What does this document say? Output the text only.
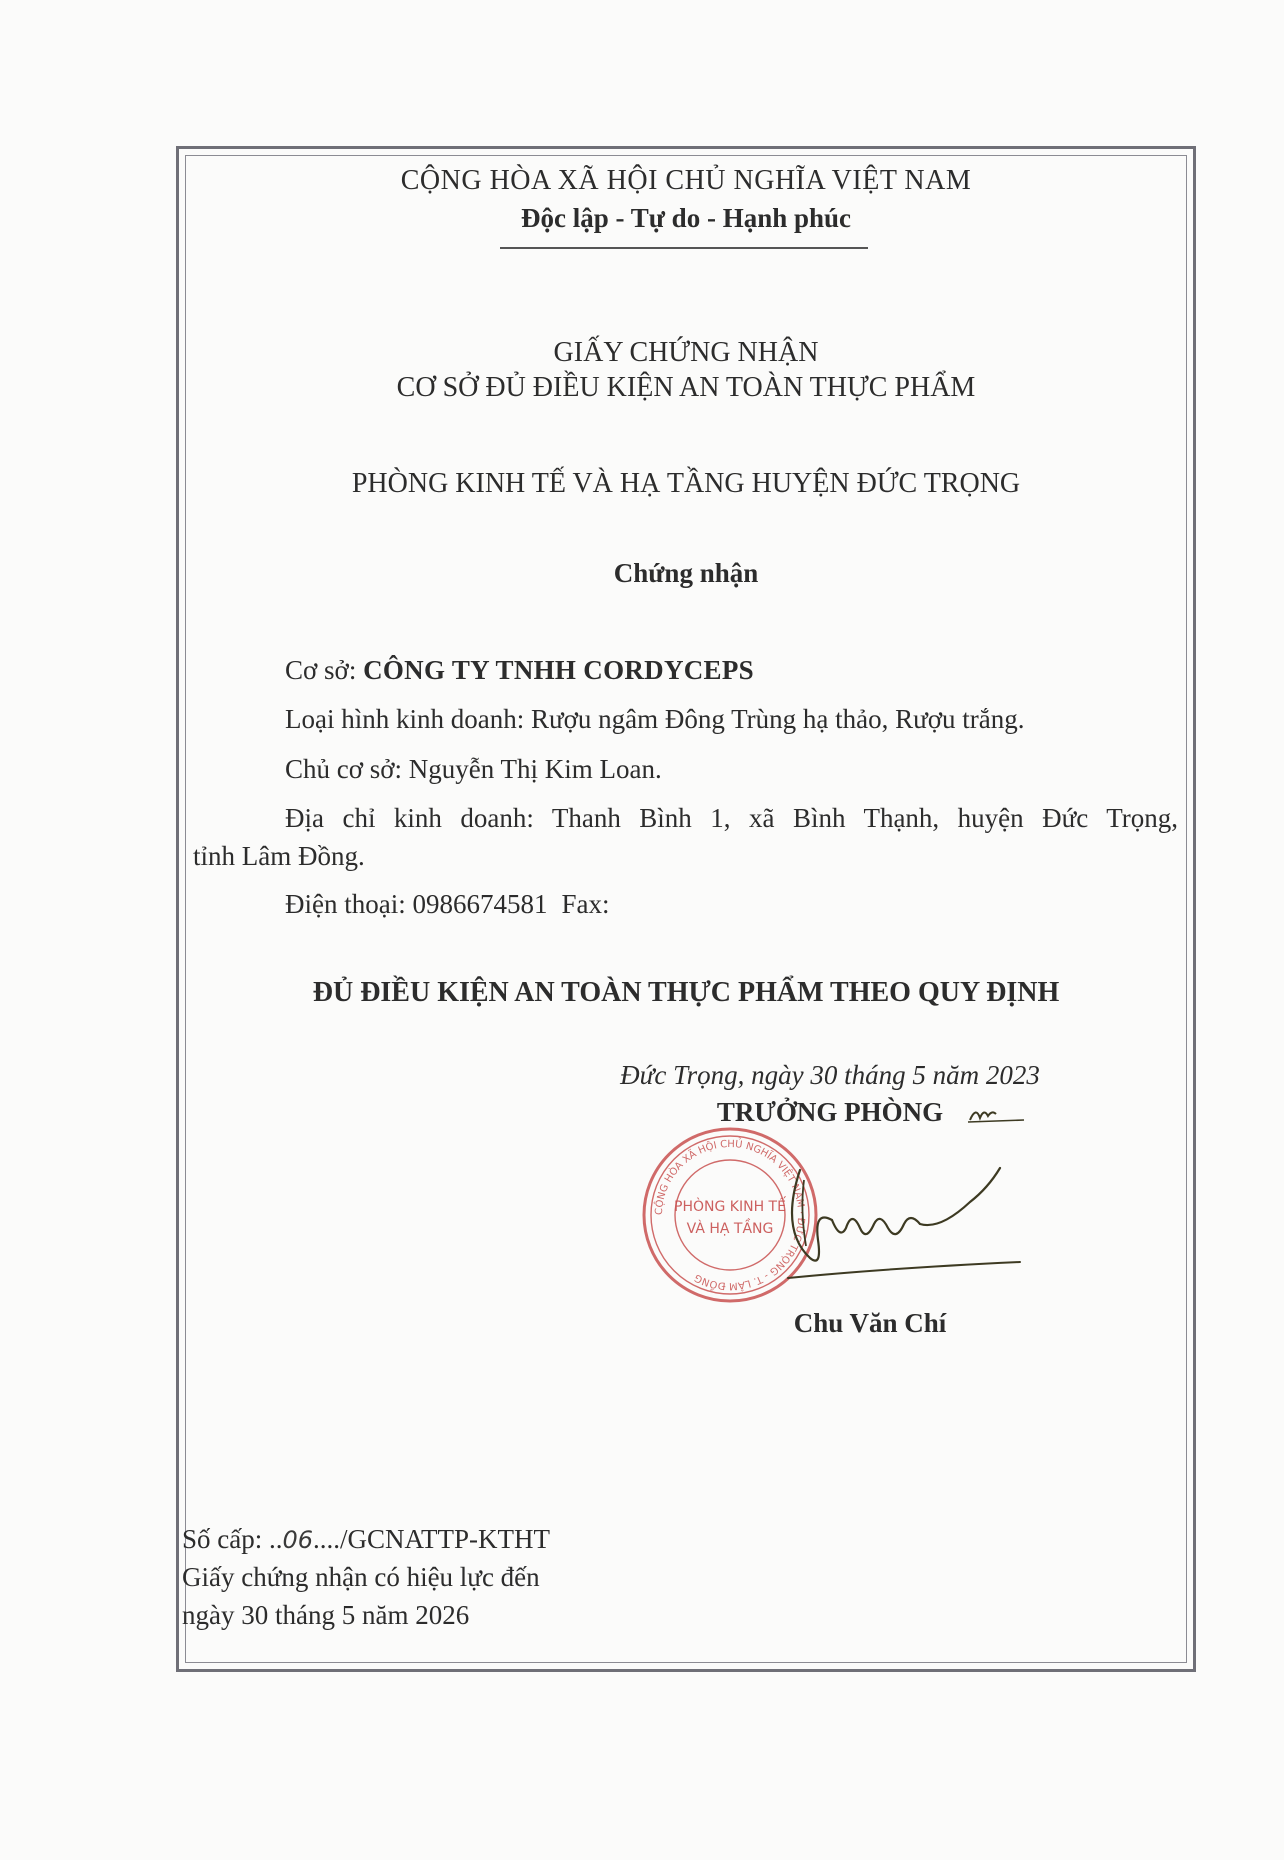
CỘNG HÒA XÃ HỘI CHỦ NGHĨA VIỆT NAM

Độc lập - Tự do - Hạnh phúc

GIẤY CHỨNG NHẬN

CƠ SỞ ĐỦ ĐIỀU KIỆN AN TOÀN THỰC PHẨM

PHÒNG KINH TẾ VÀ HẠ TẦNG HUYỆN ĐỨC TRỌNG

Chứng nhận

Cơ sở: CÔNG TY TNHH CORDYCEPS

Loại hình kinh doanh: Rượu ngâm Đông Trùng hạ thảo, Rượu trắng.

Chủ cơ sở: Nguyễn Thị Kim Loan.

Địa chỉ kinh doanh: Thanh Bình 1, xã Bình Thạnh, huyện Đức Trọng,

tỉnh Lâm Đồng.

Điện thoại: 0986674581 Fax:

ĐỦ ĐIỀU KIỆN AN TOÀN THỰC PHẨM THEO QUY ĐỊNH

Đức Trọng, ngày 30 tháng 5 năm 2023

TRƯỞNG PHÒNG

CỘNG HÒA XÃ HỘI CHỦ NGHĨA VIỆT NAM · ĐỨC TRỌNG - T. LÂM ĐỒNG
PHÒNG KINH TẾ
VÀ HẠ TẦNG

Chu Văn Chí

Số cấp: ..06..../GCNATTP-KTHT

Giấy chứng nhận có hiệu lực đến

ngày 30 tháng 5 năm 2026
